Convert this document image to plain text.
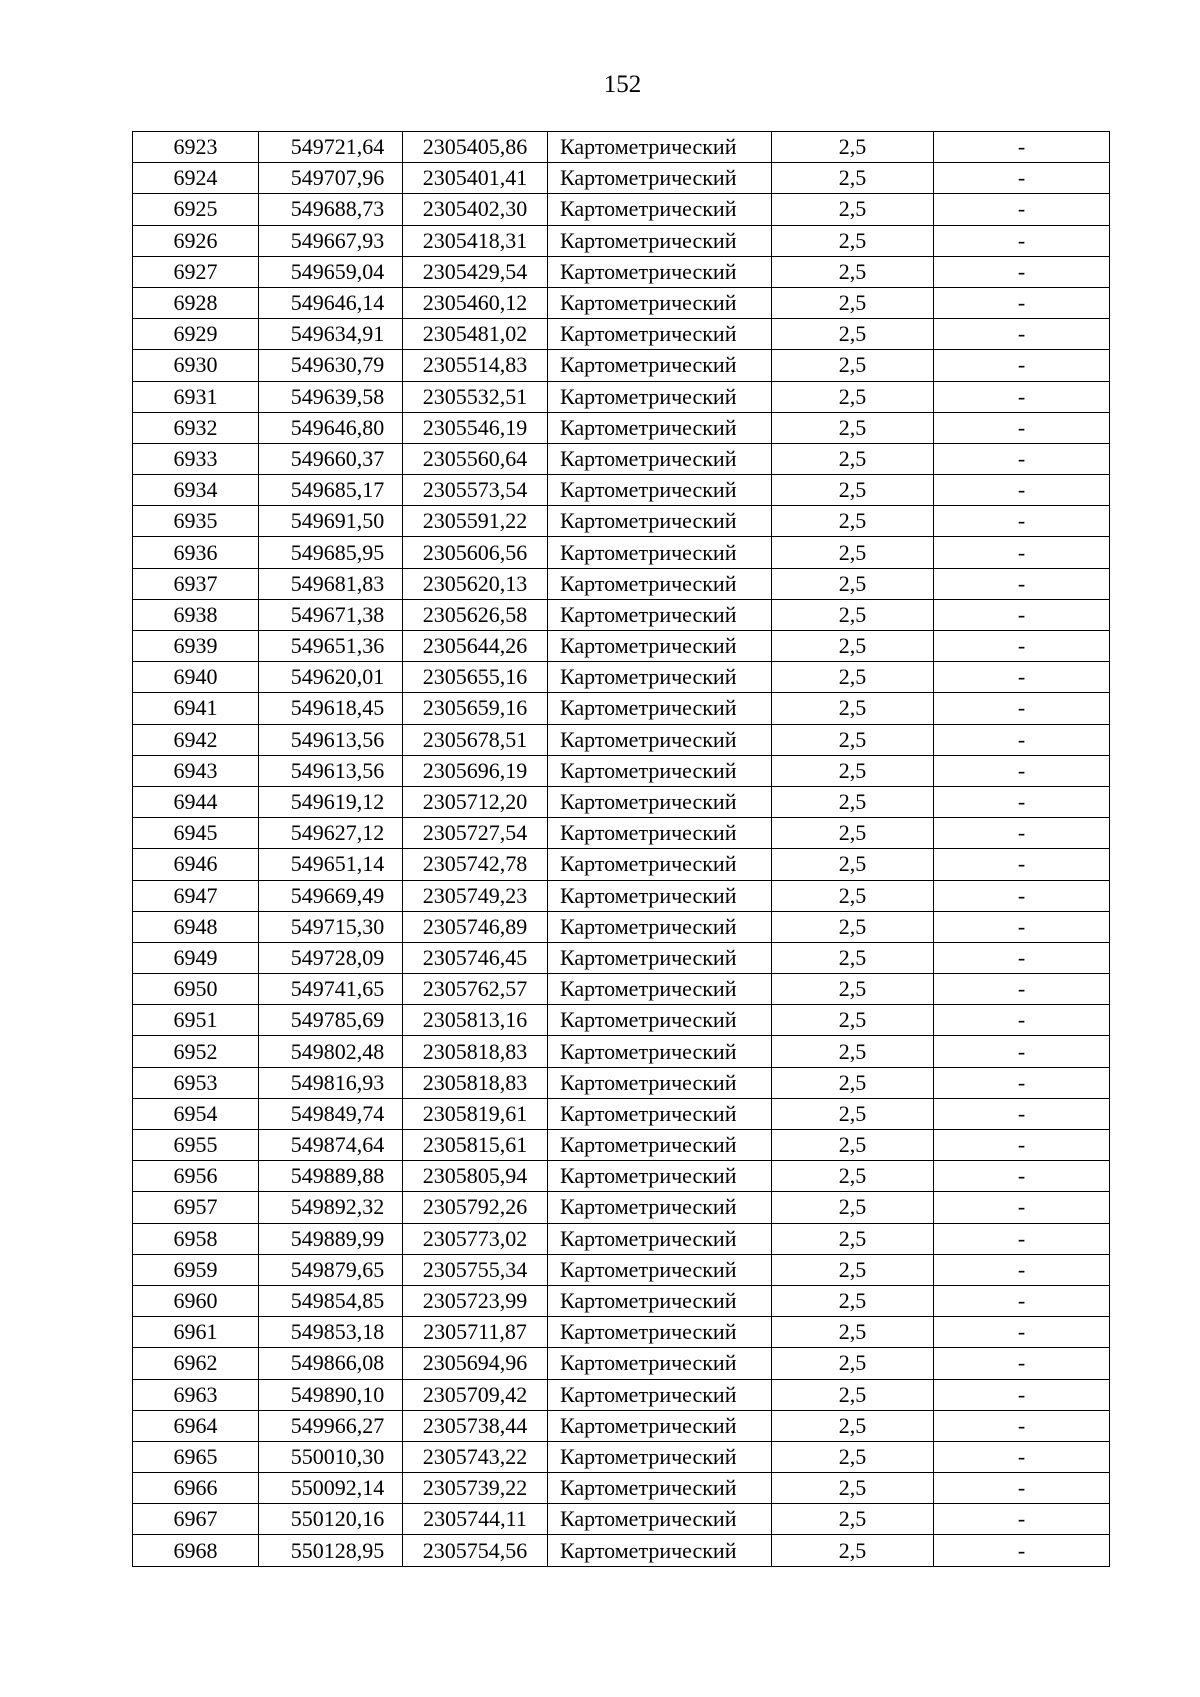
152
6923	549721,64	2305405,86	Картометрический	2,5	-
6924	549707,96	2305401,41	Картометрический	2,5	-
6925	549688,73	2305402,30	Картометрический	2,5	-
6926	549667,93	2305418,31	Картометрический	2,5	-
6927	549659,04	2305429,54	Картометрический	2,5	-
6928	549646,14	2305460,12	Картометрический	2,5	-
6929	549634,91	2305481,02	Картометрический	2,5	-
6930	549630,79	2305514,83	Картометрический	2,5	-
6931	549639,58	2305532,51	Картометрический	2,5	-
6932	549646,80	2305546,19	Картометрический	2,5	-
6933	549660,37	2305560,64	Картометрический	2,5	-
6934	549685,17	2305573,54	Картометрический	2,5	-
6935	549691,50	2305591,22	Картометрический	2,5	-
6936	549685,95	2305606,56	Картометрический	2,5	-
6937	549681,83	2305620,13	Картометрический	2,5	-
6938	549671,38	2305626,58	Картометрический	2,5	-
6939	549651,36	2305644,26	Картометрический	2,5	-
6940	549620,01	2305655,16	Картометрический	2,5	-
6941	549618,45	2305659,16	Картометрический	2,5	-
6942	549613,56	2305678,51	Картометрический	2,5	-
6943	549613,56	2305696,19	Картометрический	2,5	-
6944	549619,12	2305712,20	Картометрический	2,5	-
6945	549627,12	2305727,54	Картометрический	2,5	-
6946	549651,14	2305742,78	Картометрический	2,5	-
6947	549669,49	2305749,23	Картометрический	2,5	-
6948	549715,30	2305746,89	Картометрический	2,5	-
6949	549728,09	2305746,45	Картометрический	2,5	-
6950	549741,65	2305762,57	Картометрический	2,5	-
6951	549785,69	2305813,16	Картометрический	2,5	-
6952	549802,48	2305818,83	Картометрический	2,5	-
6953	549816,93	2305818,83	Картометрический	2,5	-
6954	549849,74	2305819,61	Картометрический	2,5	-
6955	549874,64	2305815,61	Картометрический	2,5	-
6956	549889,88	2305805,94	Картометрический	2,5	-
6957	549892,32	2305792,26	Картометрический	2,5	-
6958	549889,99	2305773,02	Картометрический	2,5	-
6959	549879,65	2305755,34	Картометрический	2,5	-
6960	549854,85	2305723,99	Картометрический	2,5	-
6961	549853,18	2305711,87	Картометрический	2,5	-
6962	549866,08	2305694,96	Картометрический	2,5	-
6963	549890,10	2305709,42	Картометрический	2,5	-
6964	549966,27	2305738,44	Картометрический	2,5	-
6965	550010,30	2305743,22	Картометрический	2,5	-
6966	550092,14	2305739,22	Картометрический	2,5	-
6967	550120,16	2305744,11	Картометрический	2,5	-
6968	550128,95	2305754,56	Картометрический	2,5	-
